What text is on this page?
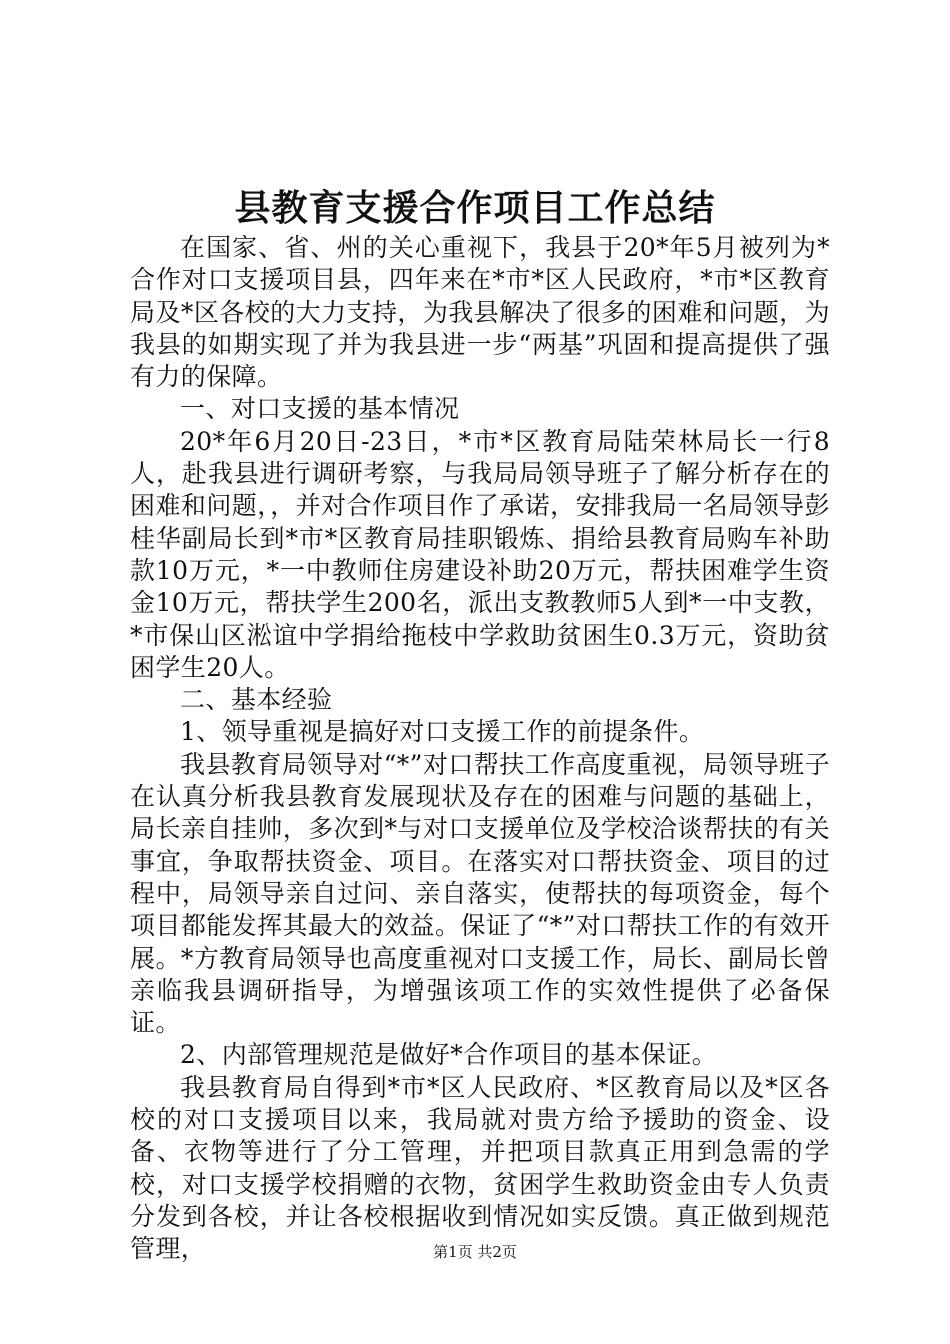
县教育支援合作项目工作总结

在国家、省、州的关心重视下，我县于20*年5月被列为*合作对口支援项目县，四年来在*市*区人民政府，*市*区教育局及*区各校的大力支持，为我县解决了很多的困难和问题，为我县的如期实现了并为我县进一步“两基”巩固和提高提供了强有力的保障。

一、对口支援的基本情况

20*年6月20日-23日，*市*区教育局陆荣林局长一行8人，赴我县进行调研考察，与我局局领导班子了解分析存在的困难和问题，，并对合作项目作了承诺，安排我局一名局领导彭桂华副局长到*市*区教育局挂职锻炼、捐给县教育局购车补助款10万元，*一中教师住房建设补助20万元，帮扶困难学生资金10万元，帮扶学生200名，派出支教教师5人到*一中支教，*市保山区淞谊中学捐给拖枝中学救助贫困生0.3万元，资助贫困学生20人。

二、基本经验

1、领导重视是搞好对口支援工作的前提条件。

我县教育局领导对“*”对口帮扶工作高度重视，局领导班子在认真分析我县教育发展现状及存在的困难与问题的基础上，局长亲自挂帅，多次到*与对口支援单位及学校洽谈帮扶的有关事宜，争取帮扶资金、项目。在落实对口帮扶资金、项目的过程中，局领导亲自过问、亲自落实，使帮扶的每项资金，每个项目都能发挥其最大的效益。保证了“*”对口帮扶工作的有效开展。*方教育局领导也高度重视对口支援工作，局长、副局长曾亲临我县调研指导，为增强该项工作的实效性提供了必备保证。

2、内部管理规范是做好*合作项目的基本保证。

我县教育局自得到*市*区人民政府、*区教育局以及*区各校的对口支援项目以来，我局就对贵方给予援助的资金、设备、衣物等进行了分工管理，并把项目款真正用到急需的学校，对口支援学校捐赠的衣物，贫困学生救助资金由专人负责分发到各校，并让各校根据收到情况如实反馈。真正做到规范管理，	第1页 共2页
